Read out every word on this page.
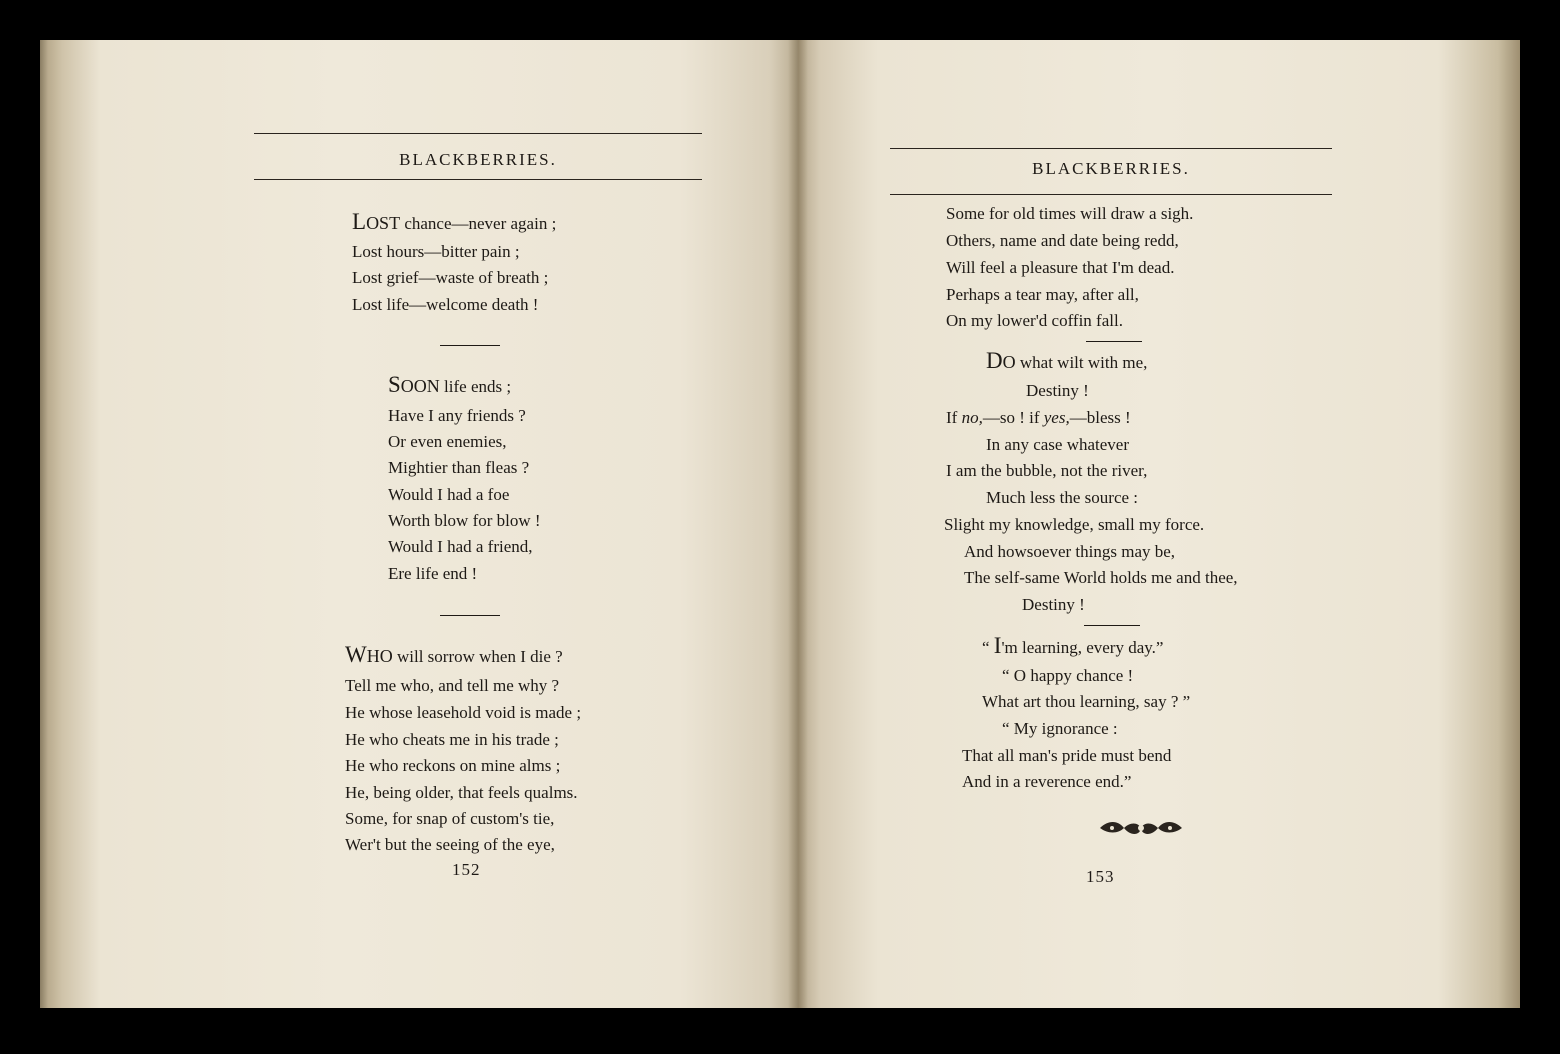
BLACKBERRIES.
LOST chance—never again ;
Lost hours—bitter pain ;
Lost grief—waste of breath ;
Lost life—welcome death !
SOON life ends ;
Have I any friends ?
Or even enemies,
Mightier than fleas ?
Would I had a foe
Worth blow for blow !
Would I had a friend,
Ere life end !
WHO will sorrow when I die ?
Tell me who, and tell me why ?
He whose leasehold void is made ;
He who cheats me in his trade ;
He who reckons on mine alms ;
He, being older, that feels qualms.
Some, for snap of custom's tie,
Wer't but the seeing of the eye,
152
BLACKBERRIES.
Some for old times will draw a sigh.
Others, name and date being redd,
Will feel a pleasure that I'm dead.
Perhaps a tear may, after all,
On my lower'd coffin fall.
DO what wilt with me,
Destiny !
If no,—so ! if yes,—bless !
In any case whatever
I am the bubble, not the river,
Much less the source :
Slight my knowledge, small my force.
And howsoever things may be,
The self-same World holds me and thee,
Destiny !
“ I'm learning, every day.”
“ O happy chance !
What art thou learning, say ? ”
“ My ignorance :
That all man's pride must bend
And in a reverence end.”
153
